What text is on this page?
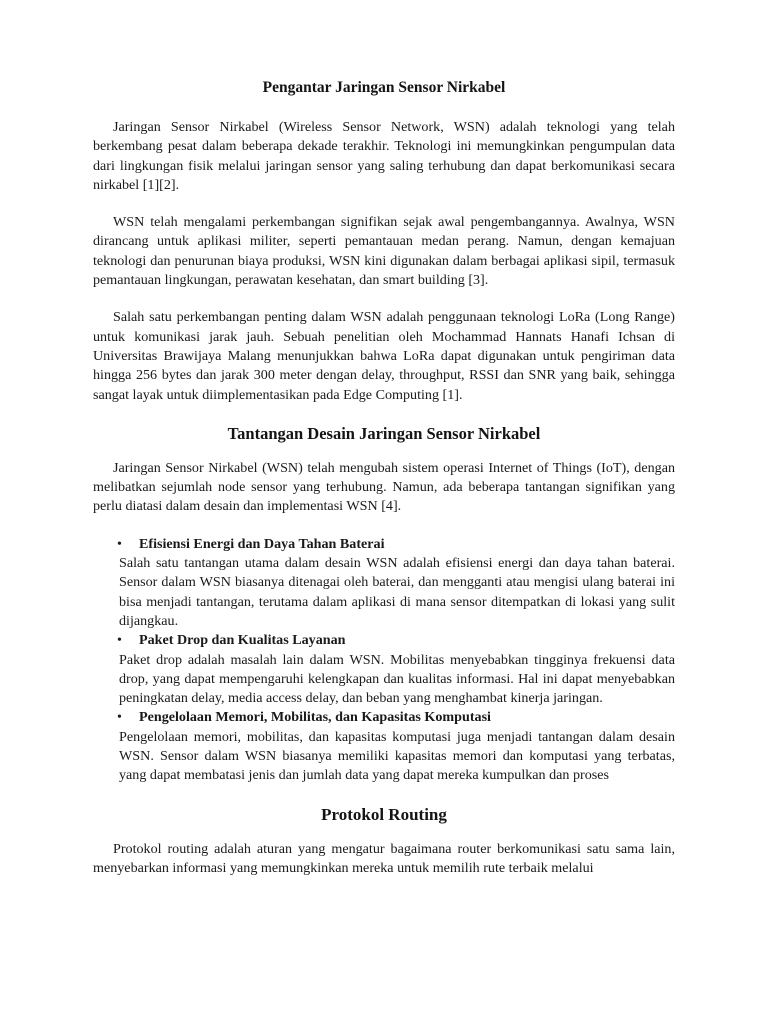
Pengantar Jaringan Sensor Nirkabel

Jaringan Sensor Nirkabel (Wireless Sensor Network, WSN) adalah teknologi yang telah berkembang pesat dalam beberapa dekade terakhir. Teknologi ini memungkinkan pengumpulan data dari lingkungan fisik melalui jaringan sensor yang saling terhubung dan dapat berkomunikasi secara nirkabel [1][2].

WSN telah mengalami perkembangan signifikan sejak awal pengembangannya. Awalnya, WSN dirancang untuk aplikasi militer, seperti pemantauan medan perang. Namun, dengan kemajuan teknologi dan penurunan biaya produksi, WSN kini digunakan dalam berbagai aplikasi sipil, termasuk pemantauan lingkungan, perawatan kesehatan, dan smart building [3].

Salah satu perkembangan penting dalam WSN adalah penggunaan teknologi LoRa (Long Range) untuk komunikasi jarak jauh. Sebuah penelitian oleh Mochammad Hannats Hanafi Ichsan di Universitas Brawijaya Malang menunjukkan bahwa LoRa dapat digunakan untuk pengiriman data hingga 256 bytes dan jarak 300 meter dengan delay, throughput, RSSI dan SNR yang baik, sehingga sangat layak untuk diimplementasikan pada Edge Computing [1].

Tantangan Desain Jaringan Sensor Nirkabel

Jaringan Sensor Nirkabel (WSN) telah mengubah sistem operasi Internet of Things (IoT), dengan melibatkan sejumlah node sensor yang terhubung. Namun, ada beberapa tantangan signifikan yang perlu diatasi dalam desain dan implementasi WSN [4].

•	Efisiensi Energi dan Daya Tahan Baterai
Salah satu tantangan utama dalam desain WSN adalah efisiensi energi dan daya tahan baterai. Sensor dalam WSN biasanya ditenagai oleh baterai, dan mengganti atau mengisi ulang baterai ini bisa menjadi tantangan, terutama dalam aplikasi di mana sensor ditempatkan di lokasi yang sulit dijangkau.
•	Paket Drop dan Kualitas Layanan
Paket drop adalah masalah lain dalam WSN. Mobilitas menyebabkan tingginya frekuensi data drop, yang dapat mempengaruhi kelengkapan dan kualitas informasi. Hal ini dapat menyebabkan peningkatan delay, media access delay, dan beban yang menghambat kinerja jaringan.
•	Pengelolaan Memori, Mobilitas, dan Kapasitas Komputasi
Pengelolaan memori, mobilitas, dan kapasitas komputasi juga menjadi tantangan dalam desain WSN. Sensor dalam WSN biasanya memiliki kapasitas memori dan komputasi yang terbatas, yang dapat membatasi jenis dan jumlah data yang dapat mereka kumpulkan dan proses
Protokol Routing

Protokol routing adalah aturan yang mengatur bagaimana router berkomunikasi satu sama lain, menyebarkan informasi yang memungkinkan mereka untuk memilih rute terbaik melalui
